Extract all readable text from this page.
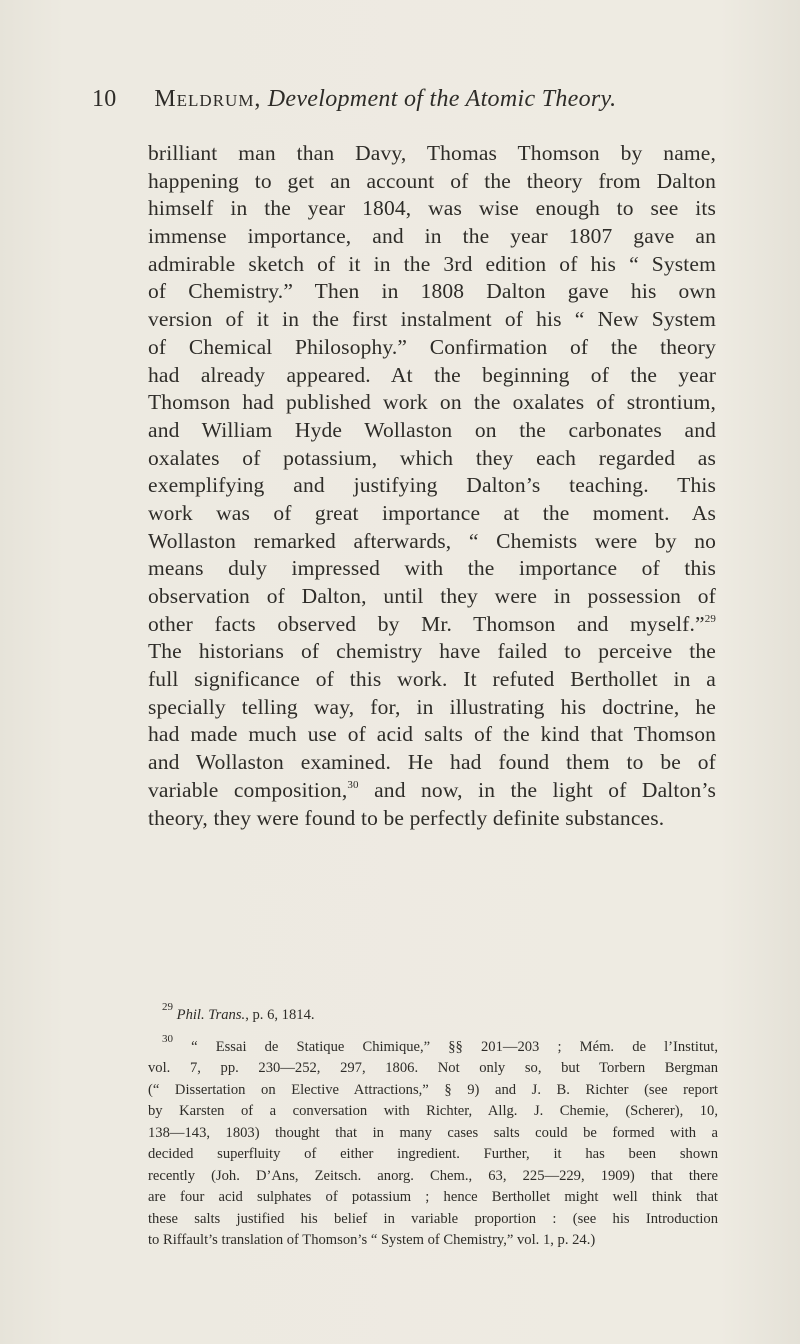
10 Meldrum, Development of the Atomic Theory.
brilliant man than Davy, Thomas Thomson by name,
happening to get an account of the theory from Dalton
himself in the year 1804, was wise enough to see its
immense importance, and in the year 1807 gave an
admirable sketch of it in the 3rd edition of his “ System
of Chemistry.” Then in 1808 Dalton gave his own
version of it in the first instalment of his “ New System
of Chemical Philosophy.” Confirmation of the theory
had already appeared. At the beginning of the year
Thomson had published work on the oxalates of strontium,
and William Hyde Wollaston on the carbonates and
oxalates of potassium, which they each regarded as
exemplifying and justifying Dalton’s teaching. This
work was of great importance at the moment. As
Wollaston remarked afterwards, “ Chemists were by no
means duly impressed with the importance of this
observation of Dalton, until they were in possession of
other facts observed by Mr. Thomson and myself.”$^{29}$
The historians of chemistry have failed to perceive the
full significance of this work. It refuted Berthollet in a
specially telling way, for, in illustrating his doctrine, he
had made much use of acid salts of the kind that Thomson
and Wollaston examined. He had found them to be of
variable composition,$^{30}$ and now, in the light of Dalton’s
theory, they were found to be perfectly definite substances.
$^{29}$ Phil. Trans., p. 6, 1814.
$^{30}$ “ Essai de Statique Chimique,” §§ 201—203 ; Mém. de l’Institut,
vol. 7, pp. 230—252, 297, 1806. Not only so, but Torbern Bergman
(“ Dissertation on Elective Attractions,” § 9) and J. B. Richter (see report
by Karsten of a conversation with Richter, Allg. J. Chemie, (Scherer), 10,
138—143, 1803) thought that in many cases salts could be formed with a
decided superfluity of either ingredient. Further, it has been shown
recently (Joh. D’Ans, Zeitsch. anorg. Chem., 63, 225—229, 1909) that there
are four acid sulphates of potassium ; hence Berthollet might well think that
these salts justified his belief in variable proportion : (see his Introduction
to Riffault’s translation of Thomson’s “ System of Chemistry,” vol. 1, p. 24.)
